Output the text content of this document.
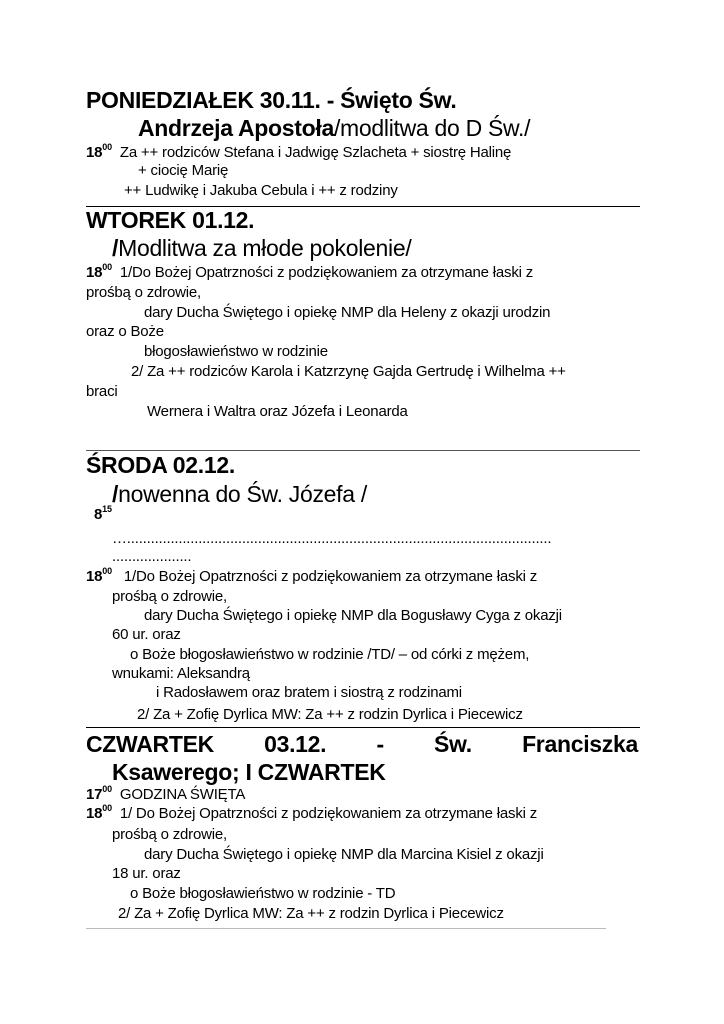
PONIEDZIAŁEK 30.11. - Święto Św.
Andrzeja Apostoła/modlitwa do D Św./
$18^{00}$ Za ++ rodziców Stefana i Jadwigę Szlacheta + siostrę Halinę
+ ciocię Marię
++ Ludwikę i Jakuba Cebula i ++ z rodziny
WTOREK 01.12.
/Modlitwa za młode pokolenie/
$18^{00}$ 1/Do Bożej Opatrzności z podziękowaniem za otrzymane łaski z
prośbą o zdrowie,
dary Ducha Świętego i opiekę NMP dla Heleny z okazji urodzin
oraz o Boże
błogosławieństwo w rodzinie
2/ Za ++ rodziców Karola i Katzrzynę Gajda Gertrudę i Wilhelma ++
braci
Wernera i Waltra oraz Józefa i Leonarda
ŚRODA 02.12.
/nowenna do Św. Józefa /
$8^{15}$
…...........................................................................................................
....................
$18^{00}$ 1/Do Bożej Opatrzności z podziękowaniem za otrzymane łaski z
prośbą o zdrowie,
dary Ducha Świętego i opiekę NMP dla Bogusławy Cyga z okazji
60 ur. oraz
o Boże błogosławieństwo w rodzinie /TD/ – od córki z mężem,
wnukami: Aleksandrą
i Radosławem oraz bratem i siostrą z rodzinami
2/ Za + Zofię Dyrlica MW: Za ++ z rodzin Dyrlica i Piecewicz
CZWARTEK 03.12. - Św. Franciszka
Ksawerego; I CZWARTEK
$17^{00}$ GODZINA ŚWIĘTA
$18^{00}$ 1/ Do Bożej Opatrzności z podziękowaniem za otrzymane łaski z
prośbą o zdrowie,
dary Ducha Świętego i opiekę NMP dla Marcina Kisiel z okazji
18 ur. oraz
o Boże błogosławieństwo w rodzinie - TD
2/ Za + Zofię Dyrlica MW: Za ++ z rodzin Dyrlica i Piecewicz
